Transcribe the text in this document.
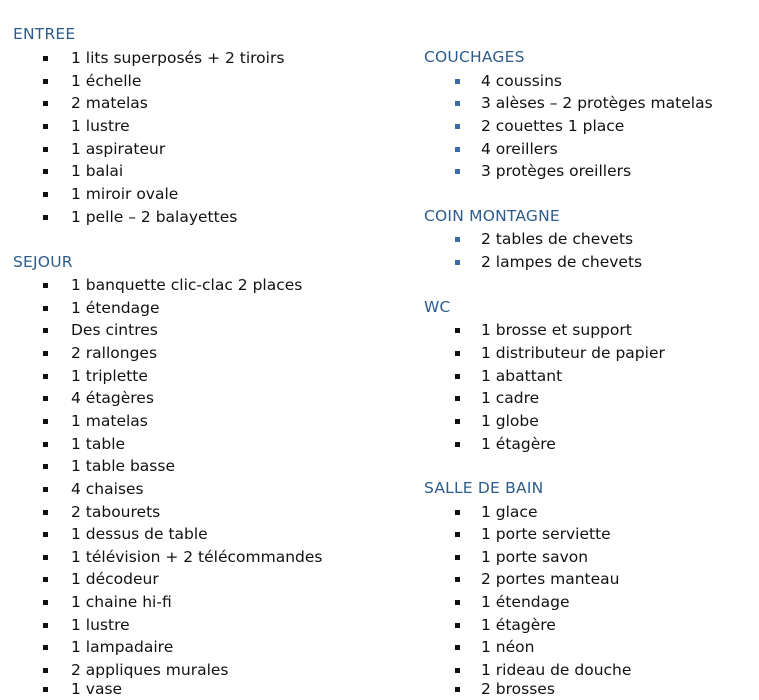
ENTREE
1 lits superposés + 2 tiroirs
1 échelle
2 matelas
1 lustre
1 aspirateur
1 balai
1 miroir ovale
1 pelle – 2 balayettes
SEJOUR
1 banquette clic-clac 2 places
1 étendage
Des cintres
2 rallonges
1 triplette
4 étagères
1 matelas
1 table
1 table basse
4 chaises
2 tabourets
1 dessus de table
1 télévision + 2 télécommandes
1 décodeur
1 chaine hi-fi
1 lustre
1 lampadaire
2 appliques murales
1 vase
COUCHAGES
4 coussins
3 alèses – 2 protèges matelas
2 couettes 1 place
4 oreillers
3 protèges oreillers
COIN MONTAGNE
2 tables de chevets
2 lampes de chevets
WC
1 brosse et support
1 distributeur de papier
1 abattant
1 cadre
1 globe
1 étagère
SALLE DE BAIN
1 glace
1 porte serviette
1 porte savon
2 portes manteau
1 étendage
1 étagère
1 néon
1 rideau de douche
2 brosses
